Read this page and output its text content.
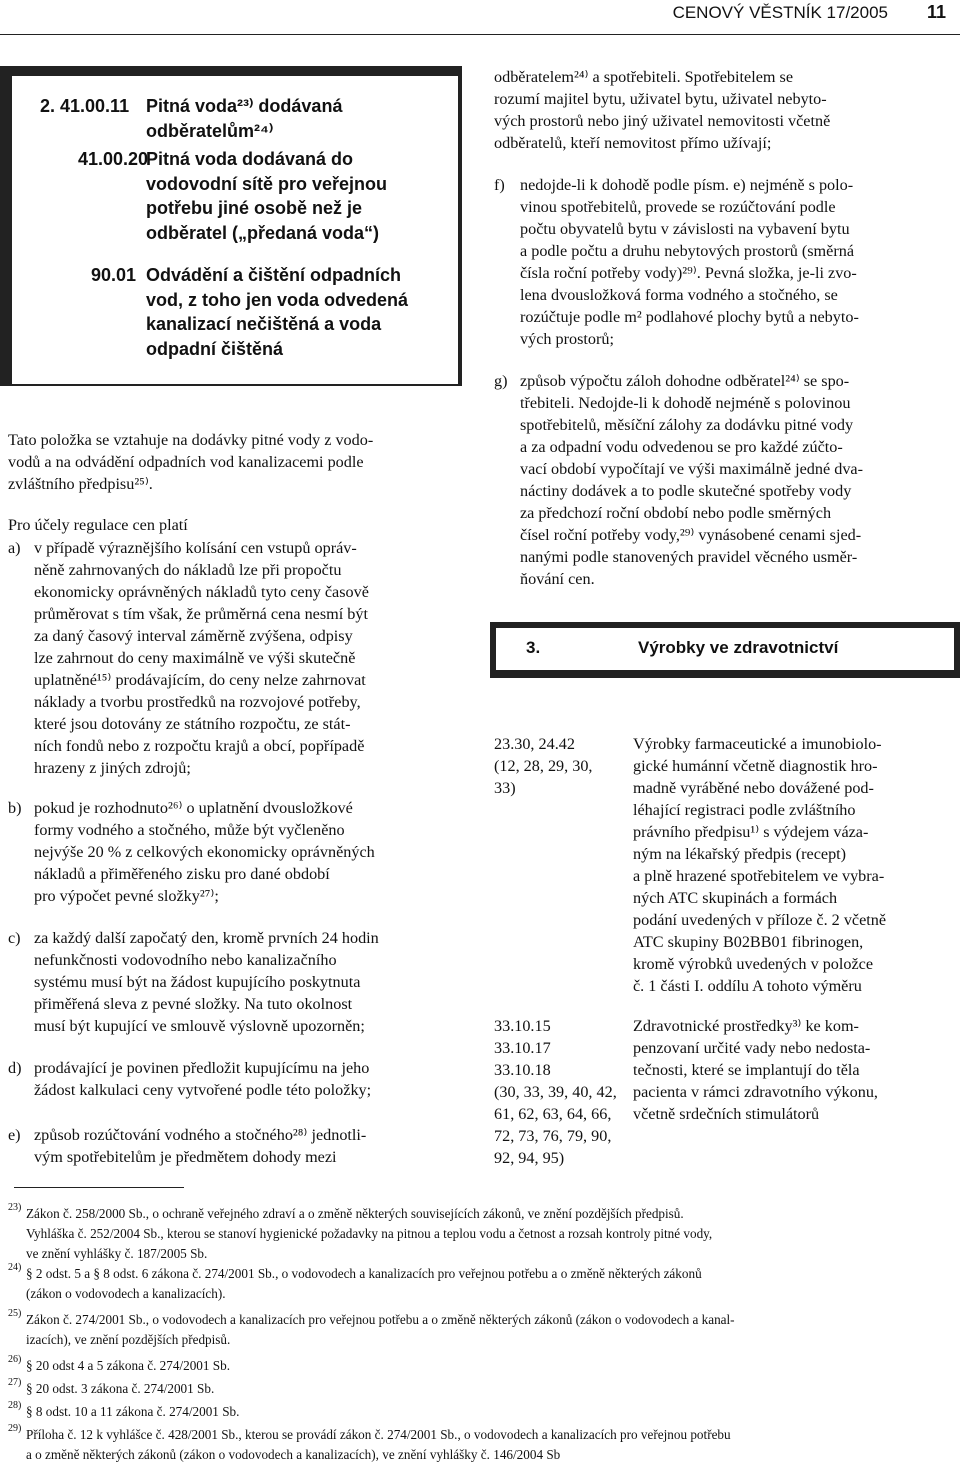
CENOVÝ VĚSTNÍK 17/2005 11
2. 41.00.11 Pitná voda²³⁾ dodávaná
odběratelům²⁴⁾
41.00.20
Pitná voda dodávaná do
vodovodní sítě pro veřejnou
potřebu jiné osobě než je
odběratel („předaná voda“)
90.01 Odvádění a čištění odpadních
vod, z toho jen voda odvedená
kanalizací nečištěná a voda
odpadní čištěná
Tato položka se vztahuje na dodávky pitné vody z vodo-
vodů a na odvádění odpadních vod kanalizacemi podle
zvláštního předpisu²⁵⁾.
Pro účely regulace cen platí
a) v případě výraznějšího kolísání cen vstupů opráv-
něně zahrnovaných do nákladů lze při propočtu
ekonomicky oprávněných nákladů tyto ceny časově
průměrovat s tím však, že průměrná cena nesmí být
za daný časový interval záměrně zvýšena, odpisy
lze zahrnout do ceny maximálně ve výši skutečně
uplatněné¹⁵⁾ prodávajícím, do ceny nelze zahrnovat
náklady a tvorbu prostředků na rozvojové potřeby,
které jsou dotovány ze státního rozpočtu, ze stát-
ních fondů nebo z rozpočtu krajů a obcí, popřípadě
hrazeny z jiných zdrojů;
b) pokud je rozhodnuto²⁶⁾ o uplatnění dvousložkové
formy vodného a stočného, může být vyčleněno
nejvýše 20 % z celkových ekonomicky oprávněných
nákladů a přiměřeného zisku pro dané období
pro výpočet pevné složky²⁷⁾;
c) za každý další započatý den, kromě prvních 24 hodin
nefunkčnosti vodovodního nebo kanalizačního
systému musí být na žádost kupujícího poskytnuta
přiměřená sleva z pevné složky. Na tuto okolnost
musí být kupující ve smlouvě výslovně upozorněn;
d) prodávající je povinen předložit kupujícímu na jeho
žádost kalkulaci ceny vytvořené podle této položky;
e) způsob rozúčtování vodného a stočného²⁸⁾ jednotli-
vým spotřebitelům je předmětem dohody mezi
odběratelem²⁴⁾ a spotřebiteli. Spotřebitelem se
rozumí majitel bytu, uživatel bytu, uživatel nebyto-
vých prostorů nebo jiný uživatel nemovitosti včetně
odběratelů, kteří nemovitost přímo užívají;
f) nedojde-li k dohodě podle písm. e) nejméně s polo-
vinou spotřebitelů, provede se rozúčtování podle
počtu obyvatelů bytu v závislosti na vybavení bytu
a podle počtu a druhu nebytových prostorů (směrná
čísla roční potřeby vody)²⁹⁾. Pevná složka, je-li zvo-
lena dvousložková forma vodného a stočného, se
rozúčtuje podle m² podlahové plochy bytů a nebyto-
vých prostorů;
g) způsob výpočtu záloh dohodne odběratel²⁴⁾ se spo-
třebiteli. Nedojde-li k dohodě nejméně s polovinou
spotřebitelů, měsíční zálohy za dodávku pitné vody
a za odpadní vodu odvedenou se pro každé zúčto-
vací období vypočítají ve výši maximálně jedné dva-
náctiny dodávek a to podle skutečné spotřeby vody
za předchozí roční období nebo podle směrných
čísel roční potřeby vody,²⁹⁾ vynásobené cenami sjed-
nanými podle stanovených pravidel věcného usměr-
ňování cen.
3.	Výrobky ve zdravotnictví
23.30, 24.42
(12, 28, 29, 30,
33)
Výrobky farmaceutické a imunobiolo-
gické humánní včetně diagnostik hro-
madně vyráběné nebo dovážené pod-
léhající registraci podle zvláštního
právního předpisu¹⁾ s výdejem váza-
ným na lékařský předpis (recept)
a plně hrazené spotřebitelem ve vybra-
ných ATC skupinách a formách
podání uvedených v příloze č. 2 včetně
ATC skupiny B02BB01 fibrinogen,
kromě výrobků uvedených v položce
č. 1 části I. oddílu A tohoto výměru
33.10.15
33.10.17
33.10.18
(30, 33, 39, 40, 42,
61, 62, 63, 64, 66,
72, 73, 76, 79, 90,
92, 94, 95)
Zdravotnické prostředky³⁾ ke kom-
penzovaní určité vady nebo nedosta-
tečnosti, které se implantují do těla
pacienta v rámci zdravotního výkonu,
včetně srdečních stimulátorů
23) Zákon č. 258/2000 Sb., o ochraně veřejného zdraví a o změně některých souvisejících zákonů, ve znění pozdějších předpisů.
Vyhláška č. 252/2004 Sb., kterou se stanoví hygienické požadavky na pitnou a teplou vodu a četnost a rozsah kontroly pitné vody,
ve znění vyhlášky č. 187/2005 Sb.
24) § 2 odst. 5 a § 8 odst. 6 zákona č. 274/2001 Sb., o vodovodech a kanalizacích pro veřejnou potřebu a o změně některých zákonů
(zákon o vodovodech a kanalizacích).
25) Zákon č. 274/2001 Sb., o vodovodech a kanalizacích pro veřejnou potřebu a o změně některých zákonů (zákon o vodovodech a kanal-
izacích), ve znění pozdějších předpisů.
26) § 20 odst 4 a 5 zákona č. 274/2001 Sb.
27) § 20 odst. 3 zákona č. 274/2001 Sb.
28) § 8 odst. 10 a 11 zákona č. 274/2001 Sb.
29) Příloha č. 12 k vyhlášce č. 428/2001 Sb., kterou se provádí zákon č. 274/2001 Sb., o vodovodech a kanalizacích pro veřejnou potřebu
a o změně některých zákonů (zákon o vodovodech a kanalizacích), ve znění vyhlášky č. 146/2004 Sb
